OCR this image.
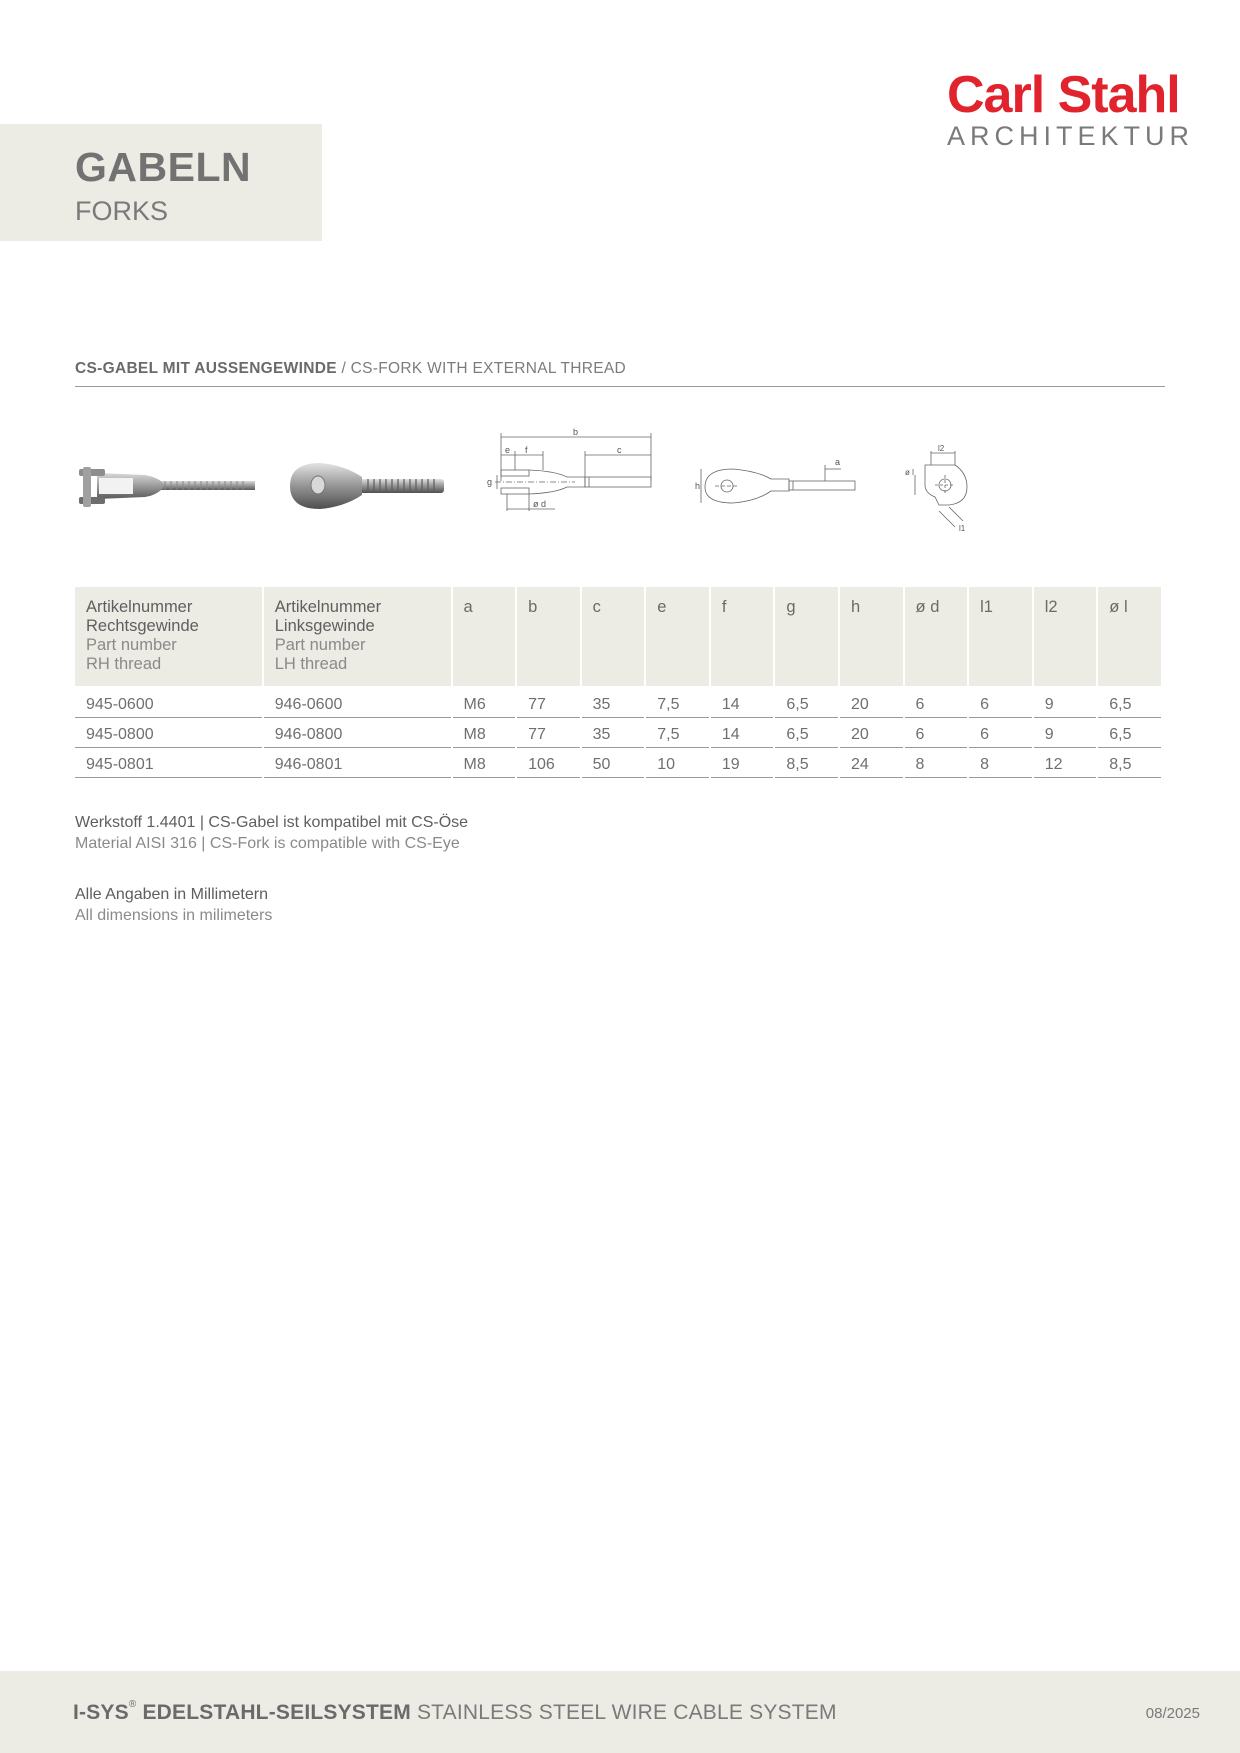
GABELN
FORKS
Carl Stahl
ARCHITEKTUR
CS-GABEL MIT AUSSENGEWINDE / CS-FORK WITH EXTERNAL THREAD
b
e f	c
g
ø d
a
h
l2
ø l
l1
Artikelnummer
Rechtsgewinde
Part number
RH thread	Artikelnummer
Linksgewinde
Part number
LH thread	a	b	c	e	f	g	h	ø d	l1	l2	ø l
945-0600	946-0600	M6	77	35	7,5	14	6,5	20	6	6	9	6,5
945-0800	946-0800	M8	77	35	7,5	14	6,5	20	6	6	9	6,5
945-0801	946-0801	M8	106	50	10	19	8,5	24	8	8	12	8,5
Werkstoff 1.4401 | CS-Gabel ist kompatibel mit CS-Öse
Material AISI 316 | CS-Fork is compatible with CS-Eye
Alle Angaben in Millimetern
All dimensions in milimeters
I-SYS® EDELSTAHL-SEILSYSTEM STAINLESS STEEL WIRE CABLE SYSTEM	08/2025
